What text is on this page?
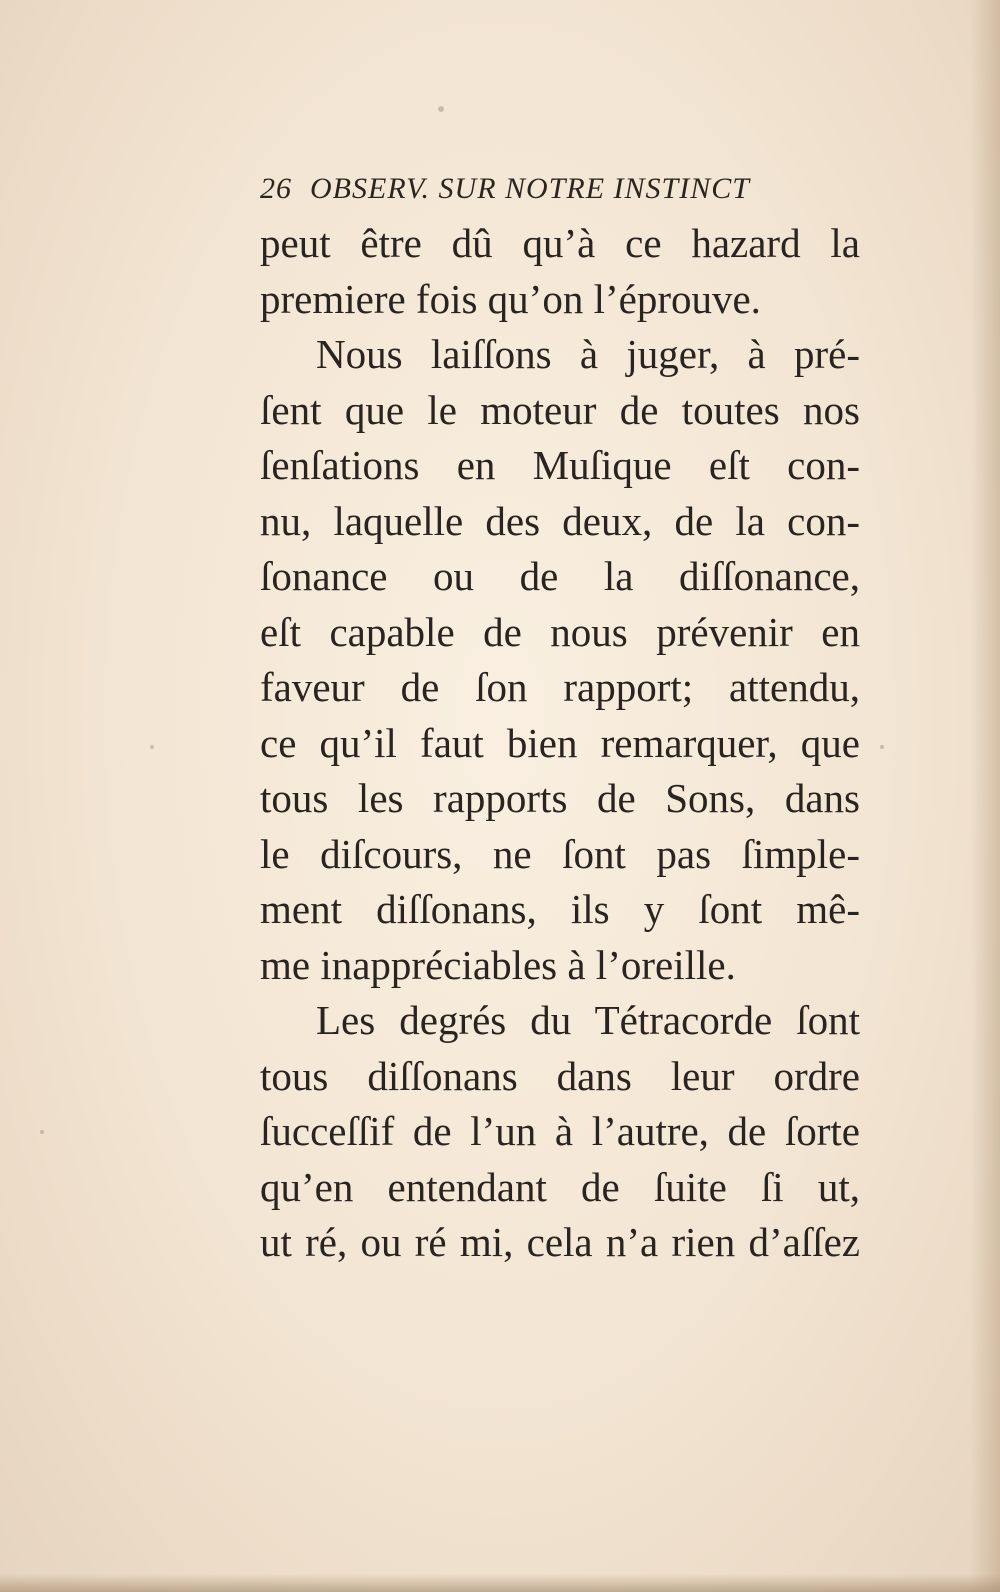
26 OBSERV. SUR NOTRE INSTINCT
peut être dû qu’à ce hazard la
premiere fois qu’on l’éprouve.
Nous laiſſons à juger, à pré-
ſent que le moteur de toutes nos
ſenſations en Muſique eſt con-
nu, laquelle des deux, de la con-
ſonance ou de la diſſonance,
eſt capable de nous prévenir en
faveur de ſon rapport; attendu,
ce qu’il faut bien remarquer, que
tous les rapports de Sons, dans
le diſcours, ne ſont pas ſimple-
ment diſſonans, ils y ſont mê-
me inappréciables à l’oreille.
Les degrés du Tétracorde ſont
tous diſſonans dans leur ordre
ſucceſſif de l’un à l’autre, de ſorte
qu’en entendant de ſuite ſi ut,
ut ré, ou ré mi, cela n’a rien d’aſſez
